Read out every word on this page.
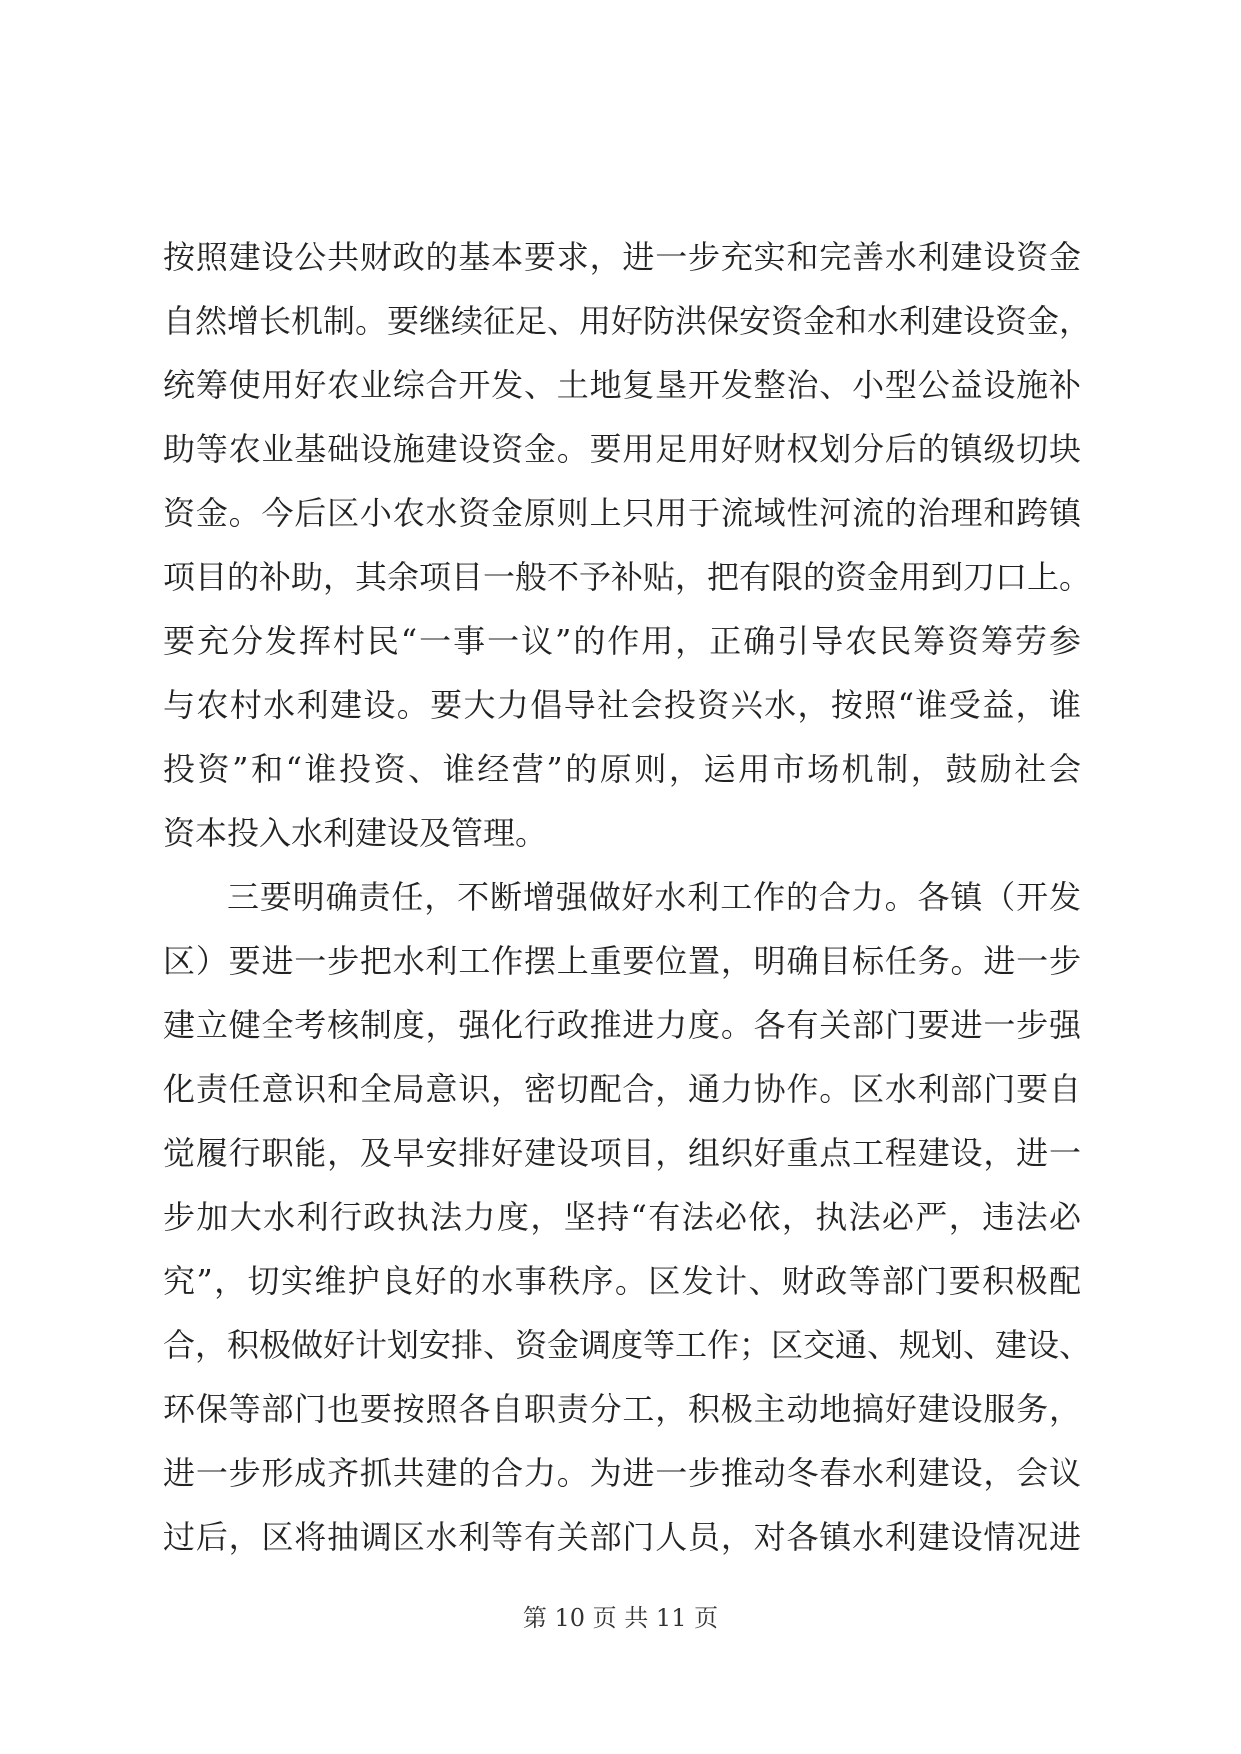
按照建设公共财政的基本要求，进一步充实和完善水利建设资金
自然增长机制。要继续征足、用好防洪保安资金和水利建设资金，
统筹使用好农业综合开发、土地复垦开发整治、小型公益设施补
助等农业基础设施建设资金。要用足用好财权划分后的镇级切块
资金。今后区小农水资金原则上只用于流域性河流的治理和跨镇
项目的补助，其余项目一般不予补贴，把有限的资金用到刀口上。
要充分发挥村民“一事一议”的作用，正确引导农民筹资筹劳参
与农村水利建设。要大力倡导社会投资兴水，按照“谁受益，谁
投资”和“谁投资、谁经营”的原则，运用市场机制，鼓励社会
资本投入水利建设及管理。
三要明确责任，不断增强做好水利工作的合力。各镇（开发
区）要进一步把水利工作摆上重要位置，明确目标任务。进一步
建立健全考核制度，强化行政推进力度。各有关部门要进一步强
化责任意识和全局意识，密切配合，通力协作。区水利部门要自
觉履行职能，及早安排好建设项目，组织好重点工程建设，进一
步加大水利行政执法力度，坚持“有法必依，执法必严，违法必
究”，切实维护良好的水事秩序。区发计、财政等部门要积极配
合，积极做好计划安排、资金调度等工作；区交通、规划、建设、
环保等部门也要按照各自职责分工，积极主动地搞好建设服务，
进一步形成齐抓共建的合力。为进一步推动冬春水利建设，会议
过后，区将抽调区水利等有关部门人员，对各镇水利建设情况进
第 10 页 共 11 页
